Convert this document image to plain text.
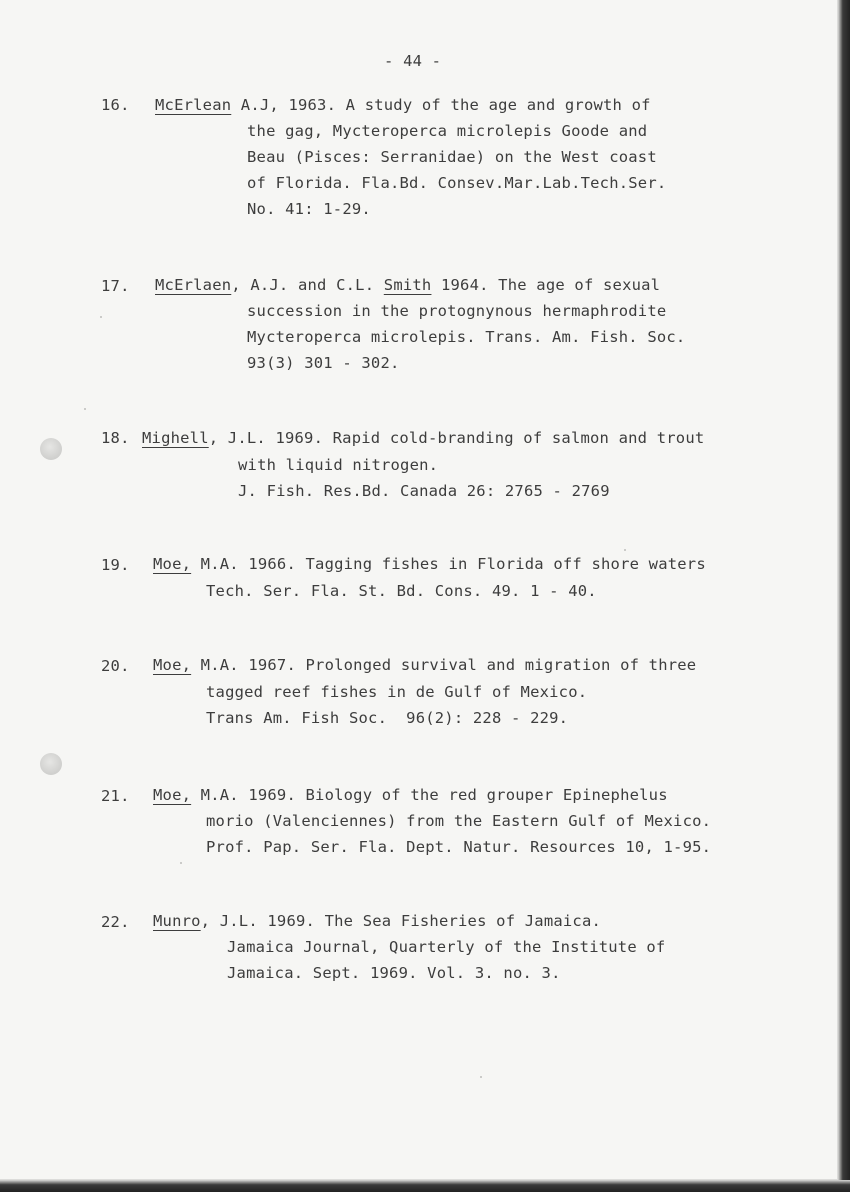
- 44 -
16. McErlean A.J, 1963. A study of the age and growth of
the gag, Mycteroperca microlepis Goode and
Beau (Pisces: Serranidae) on the West coast
of Florida. Fla.Bd. Consev.Mar.Lab.Tech.Ser.
No. 41: 1-29.
17. McErlaen, A.J. and C.L. Smith 1964. The age of sexual
succession in the protognynous hermaphrodite
Mycteroperca microlepis. Trans. Am. Fish. Soc.
93(3) 301 - 302.
18. Mighell, J.L. 1969. Rapid cold-branding of salmon and trout
with liquid nitrogen.
J. Fish. Res.Bd. Canada 26: 2765 - 2769
19. Moe, M.A. 1966. Tagging fishes in Florida off shore waters
Tech. Ser. Fla. St. Bd. Cons. 49. 1 - 40.
20. Moe, M.A. 1967. Prolonged survival and migration of three
tagged reef fishes in de Gulf of Mexico.
Trans Am. Fish Soc.  96(2): 228 - 229.
21. Moe, M.A. 1969. Biology of the red grouper Epinephelus
morio (Valenciennes) from the Eastern Gulf of Mexico.
Prof. Pap. Ser. Fla. Dept. Natur. Resources 10, 1-95.
22. Munro, J.L. 1969. The Sea Fisheries of Jamaica.
Jamaica Journal, Quarterly of the Institute of
Jamaica. Sept. 1969. Vol. 3. no. 3.
